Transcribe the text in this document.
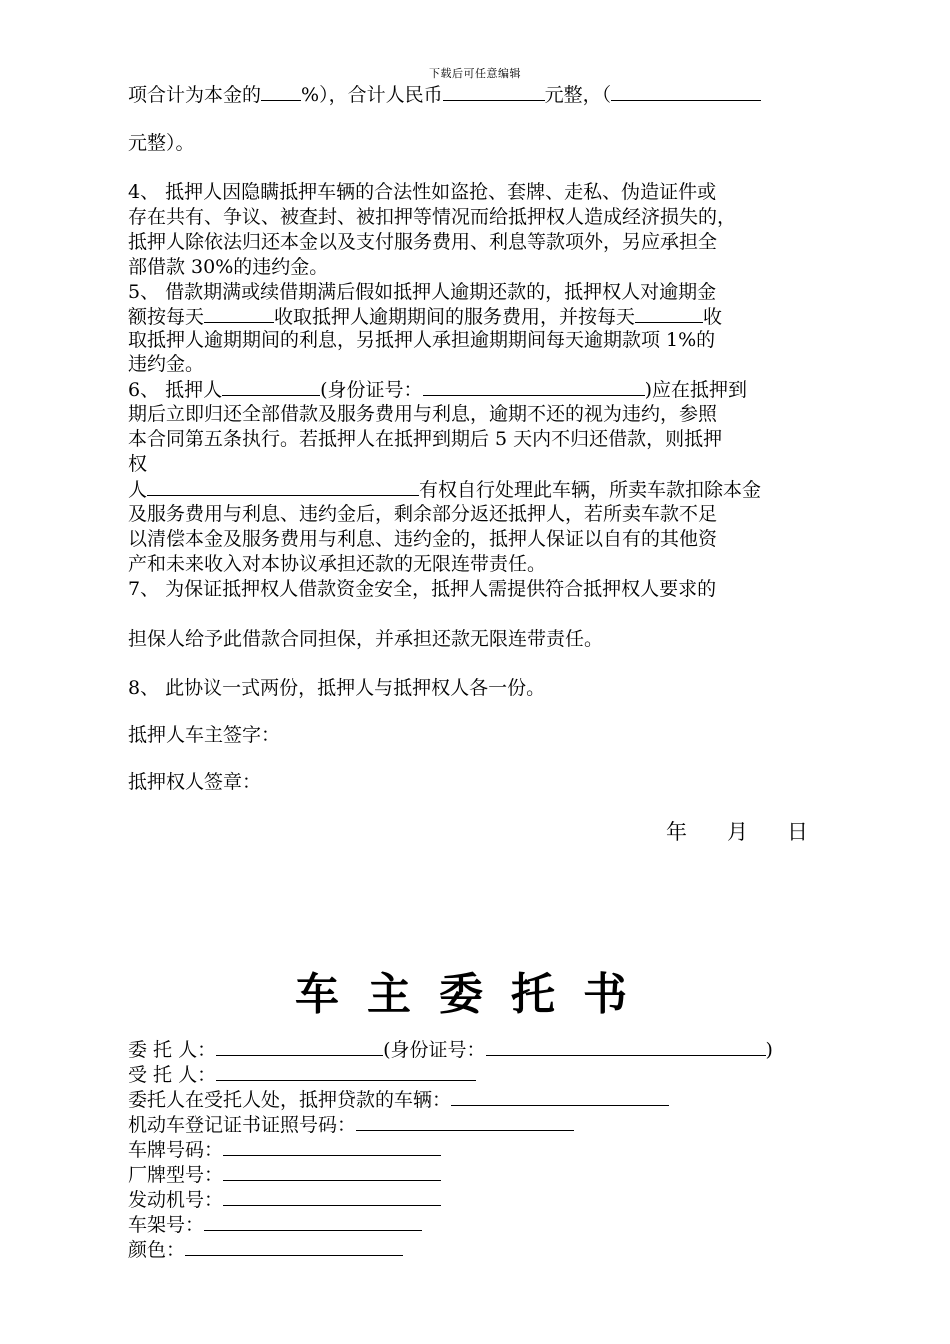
下载后可任意编辑
项合计为本金的 %），合计人民币	元整，（
元整）。
4、 抵押人因隐瞒抵押车辆的合法性如盗抢、套牌、走私、伪造证件或
存在共有、争议、被查封、被扣押等情况而给抵押权人造成经济损失的，
抵押人除依法归还本金以及支付服务费用、利息等款项外，另应承担全
部借款 30%的违约金。
5、 借款期满或续借期满后假如抵押人逾期还款的，抵押权人对逾期金
额按每天	收取抵押人逾期期间的服务费用，并按每天	收
取抵押人逾期期间的利息，另抵押人承担逾期期间每天逾期款项 1%的
违约金。
6、 抵押人	(身份证号：	)应在抵押到
期后立即归还全部借款及服务费用与利息，逾期不还的视为违约，参照
本合同第五条执行。若抵押人在抵押到期后 5 天内不归还借款，则抵押
权
人	有权自行处理此车辆，所卖车款扣除本金
及服务费用与利息、违约金后，剩余部分返还抵押人，若所卖车款不足
以清偿本金及服务费用与利息、违约金的，抵押人保证以自有的其他资
产和未来收入对本协议承担还款的无限连带责任。
7、 为保证抵押权人借款资金安全，抵押人需提供符合抵押权人要求的
担保人给予此借款合同担保，并承担还款无限连带责任。
8、 此协议一式两份，抵押人与抵押权人各一份。
抵押人车主签字：
抵押权人签章：
年 月 日
车主委托书
委 托 人：	(身份证号：	)
受 托 人：
委托人在受托人处，抵押贷款的车辆：
机动车登记证书证照号码：
车牌号码：
厂牌型号：
发动机号：
车架号：
颜色：
